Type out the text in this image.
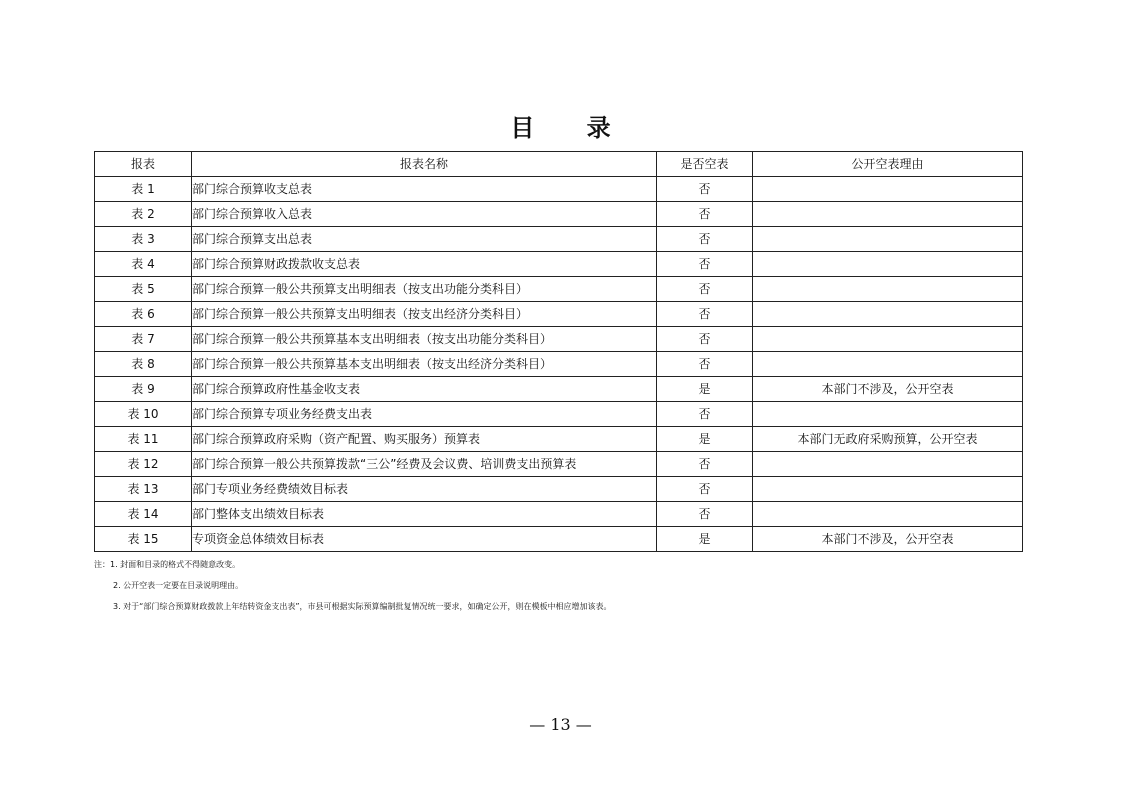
目 录
报表	报表名称	是否空表	公开空表理由
表 1	部门综合预算收支总表	否	
表 2	部门综合预算收入总表	否	
表 3	部门综合预算支出总表	否	
表 4	部门综合预算财政拨款收支总表	否	
表 5	部门综合预算一般公共预算支出明细表（按支出功能分类科目）	否	
表 6	部门综合预算一般公共预算支出明细表（按支出经济分类科目）	否	
表 7	部门综合预算一般公共预算基本支出明细表（按支出功能分类科目）	否	
表 8	部门综合预算一般公共预算基本支出明细表（按支出经济分类科目）	否	
表 9	部门综合预算政府性基金收支表	是	本部门不涉及，公开空表
表 10	部门综合预算专项业务经费支出表	否	
表 11	部门综合预算政府采购（资产配置、购买服务）预算表	是	本部门无政府采购预算，公开空表
表 12	部门综合预算一般公共预算拨款“三公”经费及会议费、培训费支出预算表	否	
表 13	部门专项业务经费绩效目标表	否	
表 14	部门整体支出绩效目标表	否	
表 15	专项资金总体绩效目标表	是	本部门不涉及，公开空表
注：1. 封面和目录的格式不得随意改变。
2. 公开空表一定要在目录说明理由。
3. 对于“部门综合预算财政拨款上年结转资金支出表”，市县可根据实际预算编制批复情况统一要求，如确定公开，则在模板中相应增加该表。
— 13 —
